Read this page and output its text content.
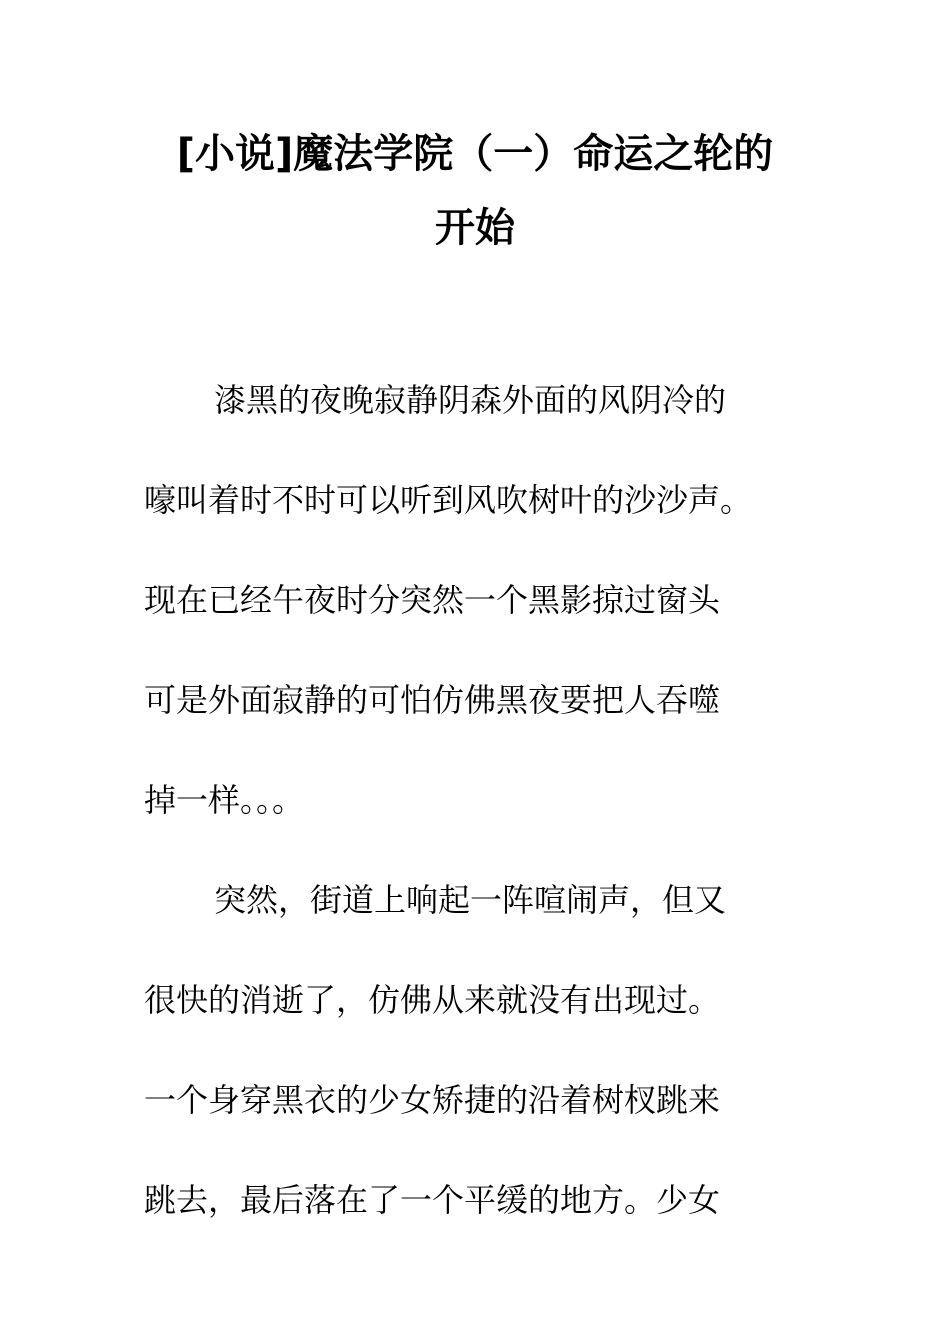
[小说]魔法学院（一）命运之轮的
开始

漆黑的夜晚寂静阴森外面的风阴冷的

嚎叫着时不时可以听到风吹树叶的沙沙声。

现在已经午夜时分突然一个黑影掠过窗头

可是外面寂静的可怕仿佛黑夜要把人吞噬

掉一样。。。

突然，街道上响起一阵喧闹声，但又

很快的消逝了，仿佛从来就没有出现过。

一个身穿黑衣的少女矫捷的沿着树杈跳来

跳去，最后落在了一个平缓的地方。少女
